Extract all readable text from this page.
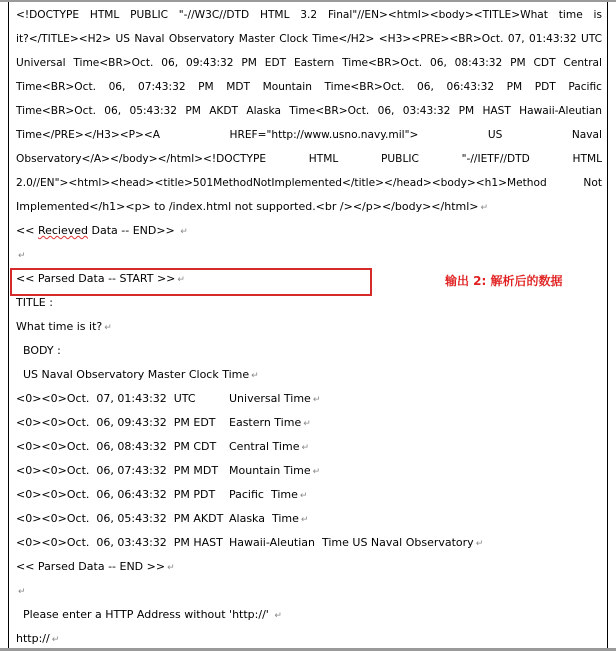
<!DOCTYPE HTML PUBLIC "-//W3C//DTD HTML 3.2 Final"//EN><html><body><TITLE>What time is
it?</TITLE><H2> US Naval Observatory Master Clock Time</H2> <H3><PRE><BR>Oct. 07, 01:43:32 UTC
Universal Time<BR>Oct. 06, 09:43:32 PM EDT Eastern Time<BR>Oct. 06, 08:43:32 PM CDT Central
Time<BR>Oct. 06, 07:43:32 PM MDT Mountain Time<BR>Oct. 06, 06:43:32 PM PDT Pacific
Time<BR>Oct. 06, 05:43:32 PM AKDT Alaska Time<BR>Oct. 06, 03:43:32 PM HAST Hawaii-Aleutian
Time</PRE></H3><P><A HREF="http://www.usno.navy.mil"> US Naval
Observatory</A></body></html><!DOCTYPE HTML PUBLIC "-//IETF//DTD HTML
2.0//EN"><html><head><title>501MethodNotImplemented</title></head><body><h1>Method Not
Implemented</h1><p> to /index.html not supported.<br /></p></body></html> ↵
<< Recieved Data -- END>> ↵
↵
<< Parsed Data -- START >> ↵
TITLE :
What time is it? ↵
BODY :
US Naval Observatory Master Clock Time ↵
<0><0>Oct.  07, 01:43:32  UTC	Universal Time ↵
<0><0>Oct.  06, 09:43:32  PM EDT Eastern Time ↵
<0><0>Oct.  06, 08:43:32  PM CDT Central Time ↵
<0><0>Oct.  06, 07:43:32  PM MDT Mountain Time ↵
<0><0>Oct.  06, 06:43:32  PM PDT Pacific  Time ↵
<0><0>Oct.  06, 05:43:32  PM AKDT Alaska  Time ↵
<0><0>Oct.  06, 03:43:32  PM HAST Hawaii-Aleutian  Time US Naval Observatory ↵
<< Parsed Data -- END >> ↵
↵
Please enter a HTTP Address without 'http://' ↵
http:// ↵
输出 2: 解析后的数据
